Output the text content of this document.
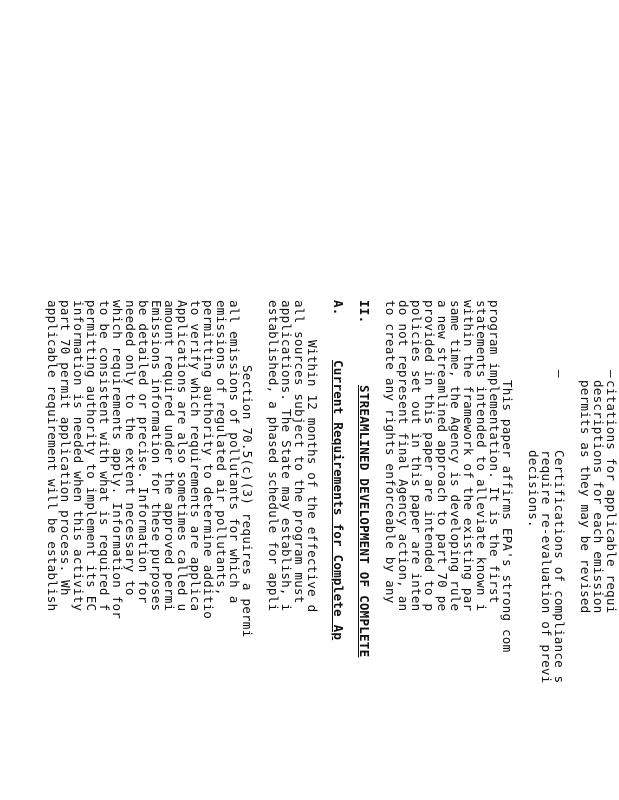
—
citations for applicable requi
descriptions for each emission
permits as they may be revised
—
Certifications of compliance s
require re-evaluation of previ
decisions.
This paper affirms EPA's strong com
program implementation. It is the first
statements intended to alleviate known i
within the framework of the existing par
same time, the Agency is developing rule
a new streamlined approach to part 70 pe
provided in this paper are intended to p
policies set out in this paper are inten
do not represent final Agency action, an
to create any rights enforceable by any
II.
STREAMLINED DEVELOPMENT OF COMPLETE
A.
Current Requirements for Complete Ap
Within 12 months of the effective d
all sources subject to the program must
applications. The State may establish, i
established, a phased schedule for appli
Section 70.5(c)(3) requires a permi
all emissions of pollutants for which a
emissions of regulated air pollutants,
permitting authority to determine additio
to verify which requirements are applica
Applications are also sometimes called u
amount required under the approved permi
Emissions information for these purposes
be detailed or precise. Information for
needed only to the extent necessary to
which requirements apply. Information for
to be consistent with what is required f
permitting authority to implement its EC
information is needed when this activity
part 70 permit application process. Wh
applicable requirement will be establish
